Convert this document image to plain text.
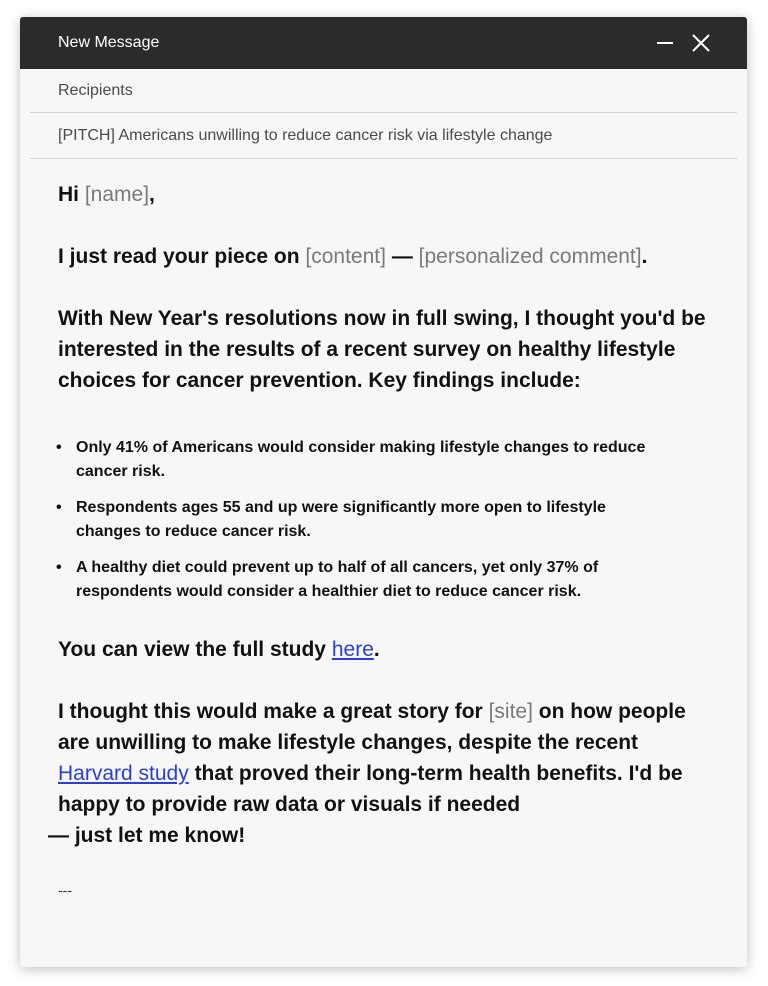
New Message
Recipients
[PITCH] Americans unwilling to reduce cancer risk via lifestyle change

Hi [name],

I just read your piece on [content] — [personalized comment].

With New Year's resolutions now in full swing, I thought you'd be interested in the results of a recent survey on healthy lifestyle choices for cancer prevention. Key findings include:

• Only 41% of Americans would consider making lifestyle changes to reduce cancer risk.
• Respondents ages 55 and up were significantly more open to lifestyle changes to reduce cancer risk.
• A healthy diet could prevent up to half of all cancers, yet only 37% of respondents would consider a healthier diet to reduce cancer risk.

You can view the full study here.

I thought this would make a great story for [site] on how people are unwilling to make lifestyle changes, despite the recent Harvard study that proved their long-term health benefits. I'd be happy to provide raw data or visuals if needed

— just let me know!

---
